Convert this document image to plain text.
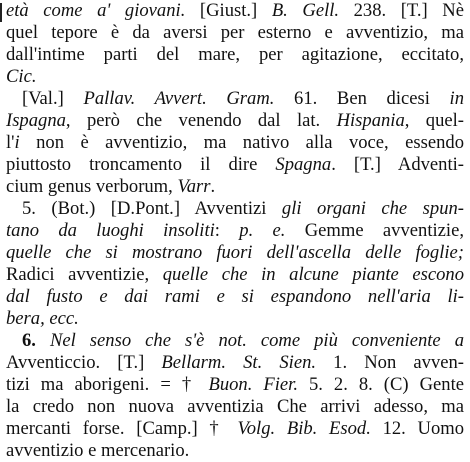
età come a' giovani. [Giust.] B. Gell. 238. [T.] Nè
quel tepore è da aversi per esterno e avventizio, ma
dall'intime parti del mare, per agitazione, eccitato,
Cic.
[Val.] Pallav. Avvert. Gram. 61. Ben dicesi in
Ispagna, però che venendo dal lat. Hispania, quel-
l'i non è avventizio, ma nativo alla voce, essendo
piuttosto troncamento il dire Spagna. [T.] Adventi-
cium genus verborum, Varr.
5. (Bot.) [D.Pont.] Avventizi gli organi che spun-
tano da luoghi insoliti: p. e. Gemme avventizie,
quelle che si mostrano fuori dell'ascella delle foglie;
Radici avventizie, quelle che in alcune piante escono
dal fusto e dai rami e si espandono nell'aria li-
bera, ecc.
6. Nel senso che s'è not. come più conveniente a
Avventiccio. [T.] Bellarm. St. Sien. 1. Non avven-
tizi ma aborigeni. = † Buon. Fier. 5. 2. 8. (C) Gente
la credo non nuova avventizia Che arrivi adesso, ma
mercanti forse. [Camp.] † Volg. Bib. Esod. 12. Uomo
avventizio e mercenario.
